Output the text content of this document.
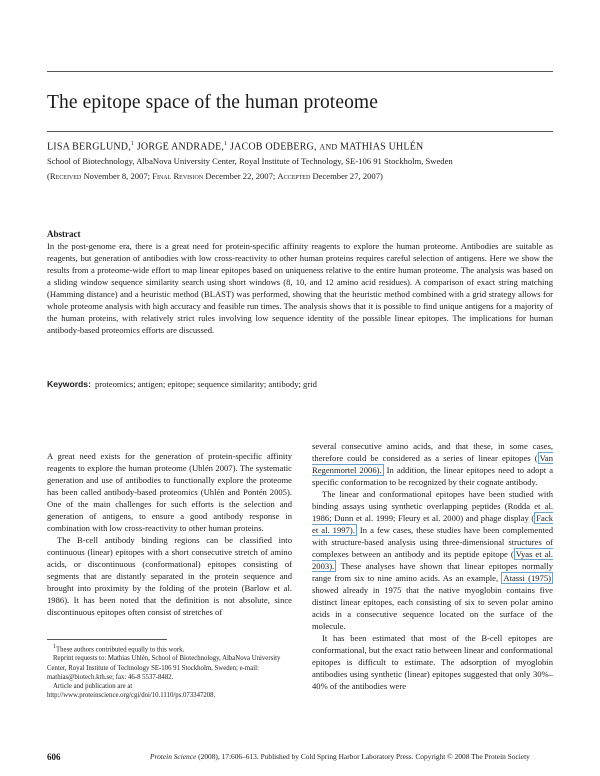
The epitope space of the human proteome
LISA BERGLUND,$^1$ JORGE ANDRADE,$^1$ JACOB ODEBERG, AND MATHIAS UHLÉN
School of Biotechnology, AlbaNova University Center, Royal Institute of Technology, SE-106 91 Stockholm, Sweden
(Received November 8, 2007; Final Revision December 22, 2007; Accepted December 27, 2007)
Abstract
In the post-genome era, there is a great need for protein-specific affinity reagents to explore the human proteome. Antibodies are suitable as reagents, but generation of antibodies with low cross-reactivity to other human proteins requires careful selection of antigens. Here we show the results from a proteome-wide effort to map linear epitopes based on uniqueness relative to the entire human proteome. The analysis was based on a sliding window sequence similarity search using short windows (8, 10, and 12 amino acid residues). A comparison of exact string matching (Hamming distance) and a heuristic method (BLAST) was performed, showing that the heuristic method combined with a grid strategy allows for whole proteome analysis with high accuracy and feasible run times. The analysis shows that it is possible to find unique antigens for a majority of the human proteins, with relatively strict rules involving low sequence identity of the possible linear epitopes. The implications for human antibody-based proteomics efforts are discussed.
Keywords: proteomics; antigen; epitope; sequence similarity; antibody; grid

A great need exists for the generation of protein-specific affinity reagents to explore the human proteome (Uhlén 2007). The systematic generation and use of antibodies to functionally explore the proteome has been called antibody-based proteomics (Uhlén and Pontén 2005). One of the main challenges for such efforts is the selection and generation of antigens, to ensure a good antibody response in combination with low cross-reactivity to other human proteins.

The B-cell antibody binding regions can be classified into continuous (linear) epitopes with a short consecutive stretch of amino acids, or discontinuous (conformational) epitopes consisting of segments that are distantly separated in the protein sequence and brought into proximity by the folding of the protein (Barlow et al. 1986). It has been noted that the definition is not absolute, since discontinuous epitopes often consist of stretches of

$^1$These authors contributed equally to this work.

Reprint requests to: Mathias Uhlén, School of Biotechnology, AlbaNova University Center, Royal Institute of Technology SE-106 91 Stockholm, Sweden; e-mail: mathias@biotech.kth.se; fax: 46-8 5537-8482.

Article and publication are at http://www.proteinscience.org/cgi/doi/10.1110/ps.073347208.

several consecutive amino acids, and that these, in some cases, therefore could be considered as a series of linear epitopes ( Van Regenmortel 2006). In addition, the linear epitopes need to adopt a specific conformation to be recognized by their cognate antibody.

The linear and conformational epitopes have been studied with binding assays using synthetic overlapping peptides (Rodda et al. 1986; Dunn et al. 1999; Fleury et al. 2000) and phage display ( Fack et al. 1997). In a few cases, these studies have been complemented with structure-based analysis using three-dimensional structures of complexes between an antibody and its peptide epitope ( Vyas et al. 2003). These analyses have shown that linear epitopes normally range from six to nine amino acids. As an example, Atassi (1975) showed already in 1975 that the native myoglobin contains five distinct linear epitopes, each consisting of six to seven polar amino acids in a consecutive sequence located on the surface of the molecule.

It has been estimated that most of the B-cell epitopes are conformational, but the exact ratio between linear and conformational epitopes is difficult to estimate. The adsorption of myoglobin antibodies using synthetic (linear) epitopes suggested that only 30%–40% of the antibodies were

606	Protein Science (2008), 17:606–613. Published by Cold Spring Harbor Laboratory Press. Copyright © 2008 The Protein Society
